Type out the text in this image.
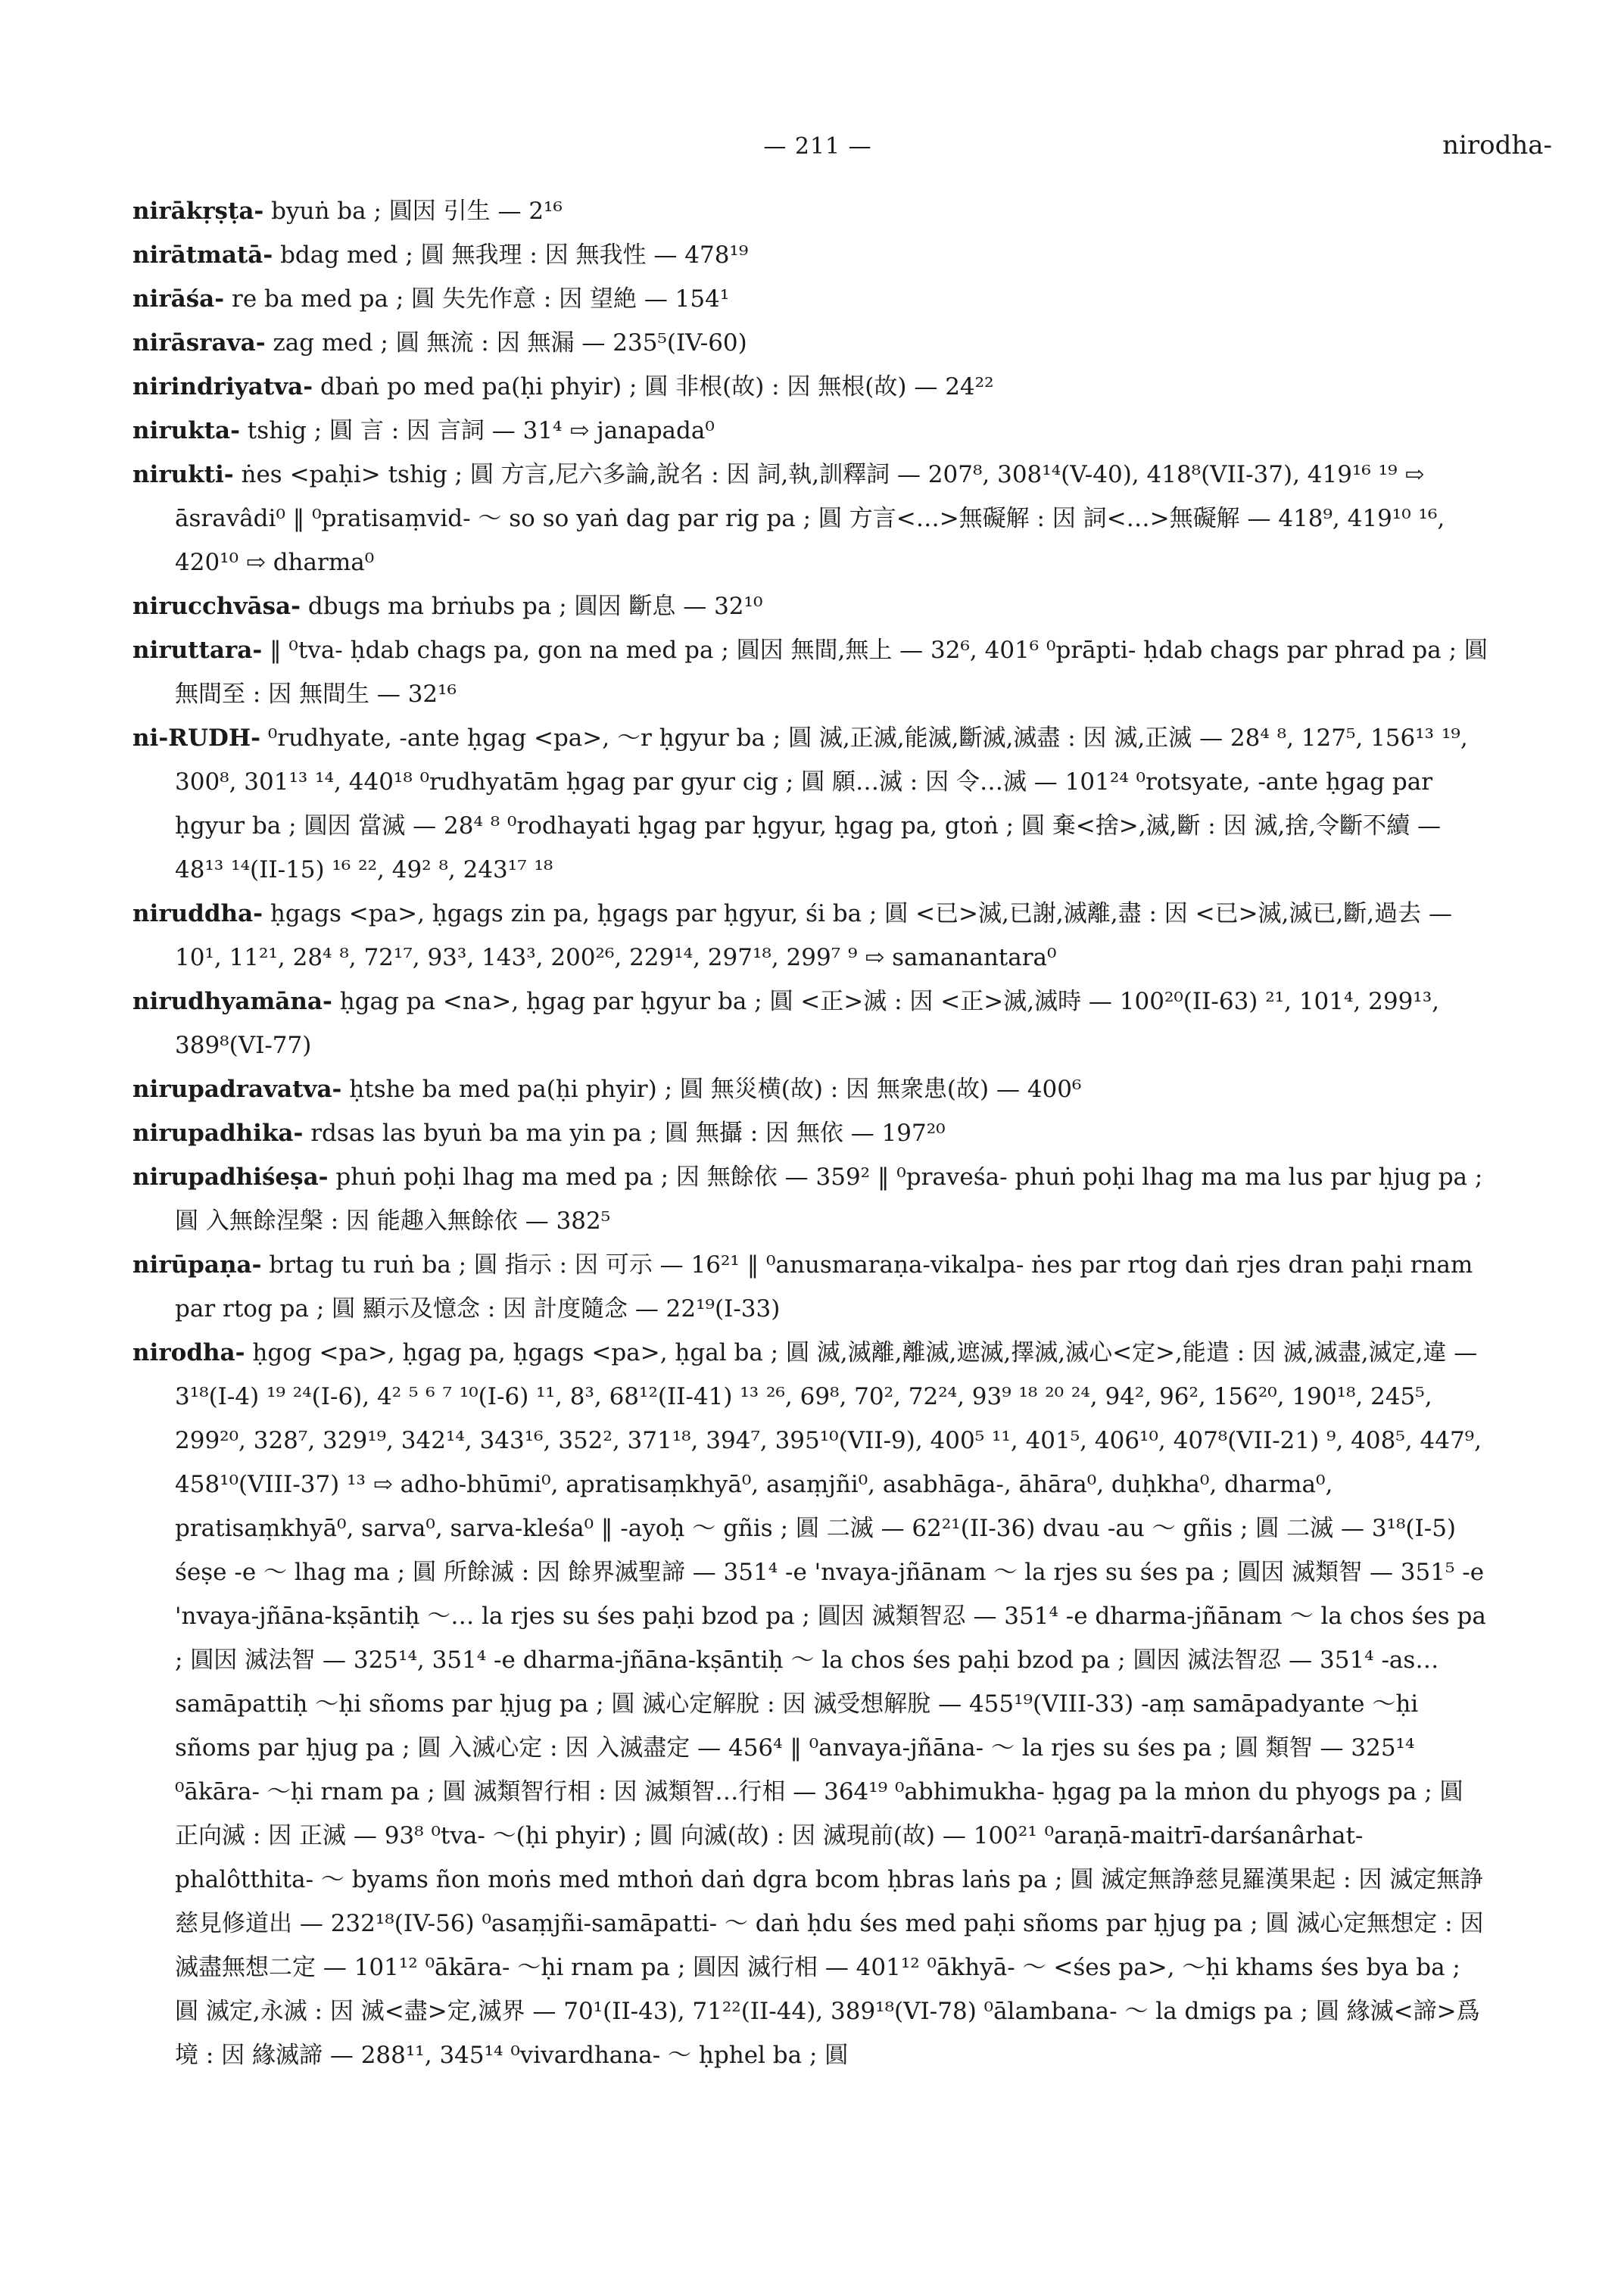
— 211 —	nirodha-

nirākṛṣṭa- byuṅ ba ; 圓因 引生 — 2¹⁶

nirātmatā- bdag med ; 圓 無我理 : 因 無我性 — 478¹⁹

nirāśa- re ba med pa ; 圓 失先作意 : 因 望絶 — 154¹

nirāsrava- zag med ; 圓 無流 : 因 無漏 — 235⁵(IV-60)

nirindriyatva- dbaṅ po med pa(ḥi phyir) ; 圓 非根(故) : 因 無根(故) — 24²²

nirukta- tshig ; 圓 言 : 因 言詞 — 31⁴ ⇨ janapada⁰

nirukti- ṅes <paḥi> tshig ; 圓 方言,尼六多論,說名 : 因 詞,執,訓釋詞 — 207⁸, 308¹⁴(V-40), 418⁸(VII-37), 419¹⁶ ¹⁹ ⇨ āsravâdi⁰ ‖ ⁰pratisaṃvid- ～ so so yaṅ dag par rig pa ; 圓 方言<…>無礙解 : 因 詞<…>無礙解 — 418⁹, 419¹⁰ ¹⁶, 420¹⁰ ⇨ dharma⁰

nirucchvāsa- dbugs ma brṅubs pa ; 圓因 斷息 — 32¹⁰

niruttara- ‖ ⁰tva- ḥdab chags pa, gon na med pa ; 圓因 無間,無上 — 32⁶, 401⁶ ⁰prāpti- ḥdab chags par phrad pa ; 圓 無間至 : 因 無間生 — 32¹⁶

ni-RUDH- ⁰rudhyate, -ante ḥgag <pa>, ～r ḥgyur ba ; 圓 滅,正滅,能滅,斷滅,滅盡 : 因 滅,正滅 — 28⁴ ⁸, 127⁵, 156¹³ ¹⁹, 300⁸, 301¹³ ¹⁴, 440¹⁸ ⁰rudhyatām ḥgag par gyur cig ; 圓 願…滅 : 因 令…滅 — 101²⁴ ⁰rotsyate, -ante ḥgag par ḥgyur ba ; 圓因 當滅 — 28⁴ ⁸ ⁰rodhayati ḥgag par ḥgyur, ḥgag pa, gtoṅ ; 圓 棄<捨>,滅,斷 : 因 滅,捨,令斷不續 — 48¹³ ¹⁴(II-15) ¹⁶ ²², 49² ⁸, 243¹⁷ ¹⁸

niruddha- ḥgags <pa>, ḥgags zin pa, ḥgags par ḥgyur, śi ba ; 圓 <已>滅,已謝,滅離,盡 : 因 <已>滅,滅已,斷,過去 — 10¹, 11²¹, 28⁴ ⁸, 72¹⁷, 93³, 143³, 200²⁶, 229¹⁴, 297¹⁸, 299⁷ ⁹ ⇨ samanantara⁰

nirudhyamāna- ḥgag pa <na>, ḥgag par ḥgyur ba ; 圓 <正>滅 : 因 <正>滅,滅時 — 100²⁰(II-63) ²¹, 101⁴, 299¹³, 389⁸(VI-77)

nirupadravatva- ḥtshe ba med pa(ḥi phyir) ; 圓 無災横(故) : 因 無衆患(故) — 400⁶

nirupadhika- rdsas las byuṅ ba ma yin pa ; 圓 無攝 : 因 無依 — 197²⁰

nirupadhiśeṣa- phuṅ poḥi lhag ma med pa ; 因 無餘依 — 359² ‖ ⁰praveśa- phuṅ poḥi lhag ma ma lus par ḥjug pa ; 圓 入無餘涅槃 : 因 能趣入無餘依 — 382⁵

nirūpaṇa- brtag tu ruṅ ba ; 圓 指示 : 因 可示 — 16²¹ ‖ ⁰anusmaraṇa-vikalpa- ṅes par rtog daṅ rjes dran paḥi rnam par rtog pa ; 圓 顯示及憶念 : 因 計度隨念 — 22¹⁹(I-33)

nirodha- ḥgog <pa>, ḥgag pa, ḥgags <pa>, ḥgal ba ; 圓 滅,滅離,離滅,遮滅,擇滅,滅心<定>,能遣 : 因 滅,滅盡,滅定,違 — 3¹⁸(I-4) ¹⁹ ²⁴(I-6), 4² ⁵ ⁶ ⁷ ¹⁰(I-6) ¹¹, 8³, 68¹²(II-41) ¹³ ²⁶, 69⁸, 70², 72²⁴, 93⁹ ¹⁸ ²⁰ ²⁴, 94², 96², 156²⁰, 190¹⁸, 245⁵, 299²⁰, 328⁷, 329¹⁹, 342¹⁴, 343¹⁶, 352², 371¹⁸, 394⁷, 395¹⁰(VII-9), 400⁵ ¹¹, 401⁵, 406¹⁰, 407⁸(VII-21) ⁹, 408⁵, 447⁹, 458¹⁰(VIII-37) ¹³ ⇨ adho-bhūmi⁰, apratisaṃkhyā⁰, asaṃjñi⁰, asabhāga-, āhāra⁰, duḥkha⁰, dharma⁰, pratisaṃkhyā⁰, sarva⁰, sarva-kleśa⁰ ‖ -ayoḥ ～ gñis ; 圓 二滅 — 62²¹(II-36) dvau -au ～ gñis ; 圓 二滅 — 3¹⁸(I-5) śeṣe -e ～ lhag ma ; 圓 所餘滅 : 因 餘界滅聖諦 — 351⁴ -e 'nvaya-jñānam ～ la rjes su śes pa ; 圓因 滅類智 — 351⁵ -e 'nvaya-jñāna-kṣāntiḥ ～… la rjes su śes paḥi bzod pa ; 圓因 滅類智忍 — 351⁴ -e dharma-jñānam ～ la chos śes pa ; 圓因 滅法智 — 325¹⁴, 351⁴ -e dharma-jñāna-kṣāntiḥ ～ la chos śes paḥi bzod pa ; 圓因 滅法智忍 — 351⁴ -as… samāpattiḥ ～ḥi sñoms par ḥjug pa ; 圓 滅心定解脫 : 因 滅受想解脫 — 455¹⁹(VIII-33) -aṃ samāpadyante ～ḥi sñoms par ḥjug pa ; 圓 入滅心定 : 因 入滅盡定 — 456⁴ ‖ ⁰anvaya-jñāna- ～ la rjes su śes pa ; 圓 類智 — 325¹⁴ ⁰ākāra- ～ḥi rnam pa ; 圓 滅類智行相 : 因 滅類智…行相 — 364¹⁹ ⁰abhimukha- ḥgag pa la mṅon du phyogs pa ; 圓 正向滅 : 因 正滅 — 93⁸ ⁰tva- ～(ḥi phyir) ; 圓 向滅(故) : 因 滅現前(故) — 100²¹ ⁰araṇā-maitrī-darśanârhat-phalôtthita- ～ byams ñon moṅs med mthoṅ daṅ dgra bcom ḥbras laṅs pa ; 圓 滅定無諍慈見羅漢果起 : 因 滅定無諍慈見修道出 — 232¹⁸(IV-56) ⁰asaṃjñi-samāpatti- ～ daṅ ḥdu śes med paḥi sñoms par ḥjug pa ; 圓 滅心定無想定 : 因 滅盡無想二定 — 101¹² ⁰ākāra- ～ḥi rnam pa ; 圓因 滅行相 — 401¹² ⁰ākhyā- ～ <śes pa>, ～ḥi khams śes bya ba ; 圓 滅定,永滅 : 因 滅<盡>定,滅界 — 70¹(II-43), 71²²(II-44), 389¹⁸(VI-78) ⁰ālambana- ～ la dmigs pa ; 圓 緣滅<諦>爲境 : 因 緣滅諦 — 288¹¹, 345¹⁴ ⁰vivardhana- ～ ḥphel ba ; 圓
